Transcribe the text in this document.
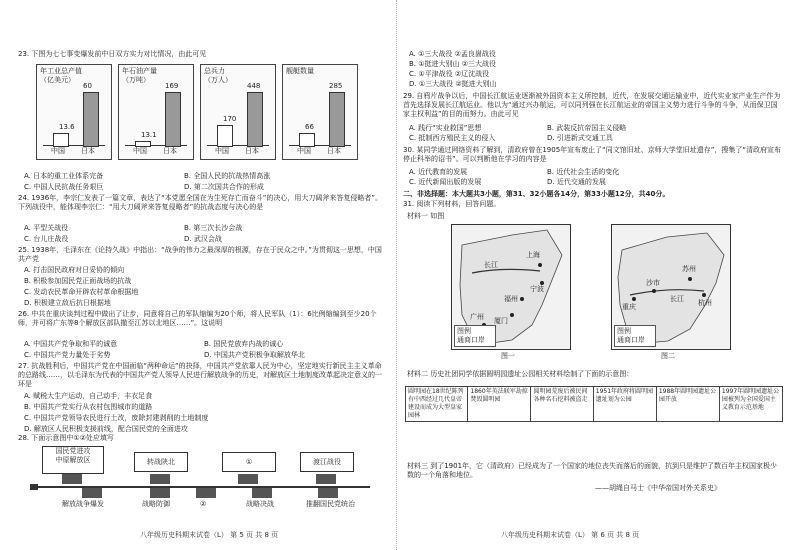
23. 下图为七七事变爆发前中日双方实力对比情况，由此可见
年工业总产值
（亿美元）
13.6
中国
60
日本
年石油产量
（万吨）
13.1
中国
169
日本
总兵力
（万人）
170
中国
448
日本
舰艇数量
66
中国
285
日本
A. 日本的重工业体系完备	B. 全国人民的抗战热情高涨
C. 中国人民抗战任务艰巨	D. 第二次国共合作的形成
24. 1936年，李宗仁发表了一篇文章，表达了“本党愿全国在为生死存亡而奋斗”的决心，用大刀阔斧来答复侵略者”。下列战役中，能体现李宗仁：“用大刀阔斧来答复侵略者”的抗战态度与决心的是
A. 平型关战役	B. 第三次长沙会战
C. 台儿庄战役	D. 武汉会战
25. 1938年，毛泽东在《论持久战》中指出：“战争的伟力之最深厚的根源，存在于民众之中。”为贯彻这一思想，中国共产党
A. 打击国民政府对日妥协的倾向
B. 积极参加国民党正面战场的抗战
C. 发动农民革命开辟农村革命根据地
D. 积极建立敌后抗日根据地
26. 中共在重庆谈判过程中做出了让步，同意将自己的军队缩编为20个师，将人民军队（1）：6比例缩编到至少20个师，并可将广东等8个解放区部队撤至江苏以北地区……”。这说明
A. 中国共产党争取和平的诚意	B. 国民党放弃内战的诚心
C. 中国共产党力量处于劣势	D. 中国共产党积极争取解放华北
27. 抗战胜利后，中国共产党在中国面临“两种命运”的抉择，中国共产党依靠人民为中心，坚定地实行新民主主义革命的总路线……，以毛泽东为代表的中国共产党人领导人民进行解放战争的历史，对解放区土地制度改革起决定意义的一环是
A. 赋税大生产运动，自己动手，丰衣足食
B. 中国共产党实行从农村包围城市的道路
C. 中国共产党领导农民进行土改，废除封建剥削的土地制度
D. 解放区人民积极支援前线，配合国民党的全面进攻
28. 下面示意图中①②处应填写
国民党进攻
中原解放区	转战陕北	①	渡江战役
解放战争爆发	战略防御	②	战略决战	推翻国民党统治
八年级历史科期末试卷（L） 第 5 页 共 8 页
A. ①三大战役 ②孟良崮战役
B. ①挺进大别山 ②三大战役
C. ①平津战役 ②辽沈战役
D. ①三大战役 ②挺进大别山
29. 自鸦片战争以后，中国长江航运业逐渐被外国资本主义所控制，近代，在发展交通运输业中，近代实业家产业生产作为首先选择发展长江航运业。他以为“通过兴办航运，可以同列强在长江航运业的帝国主义势力进行斗争的斗争，从而保卫国家主权利益”的目的而努力。由此可见
A. 践行“实业救国”思想	B. 武装反抗帝国主义侵略
C. 抵制西方殖民主义的侵入	D. 引进新式交通工具
30. 某同学通过网络资料了解到，清政府曾在1905年宣布废止了“同文馆旧址、京师大学堂旧址遗存”，搜集了“清政府宣布停止科举的诏书”。可以判断他在学习的内容是
A. 近代教育的发展	B. 近代社会生活的变化
C. 近代新闻出版的发展	D. 近代交通的发展
二、非选择题：本大题共3小题，第31、32小题各14分，第33小题12分，共40分。
31. 阅读下列材料，回答问题。
材料一 如图
长江
上海
宁波
福州
厦门
广州
图例
通商口岸
图一
苏州
沙市
重庆
长江 杭州
图例
通商口岸
图二
材料二 历史社团同学依据圆明园遗址公园相关材料绘制了下面的示意图：
圆明园在18世纪陈列有中西经过几代皇帝建设而成为大型皇家园林	1860年英法联军劫掠焚毁圆明园	圆明园荒废后被民间各种名石挖料被盗走	1951年政府将圆明园遗址划为公园	1988年圆明园遗址公园开放	1997年圆明园遗址公园被列为全国爱国主义教育示范基地
材料三 到了1901年，它（清政府）已经成为了一个国家的地位丧失而落后的面貌，抗到只是维护了数百年主权国家极少数的一个角落和地位。
——胡绳自马士《中华帝国对外关系史》
八年级历史科期末试卷（L） 第 6 页 共 8 页
